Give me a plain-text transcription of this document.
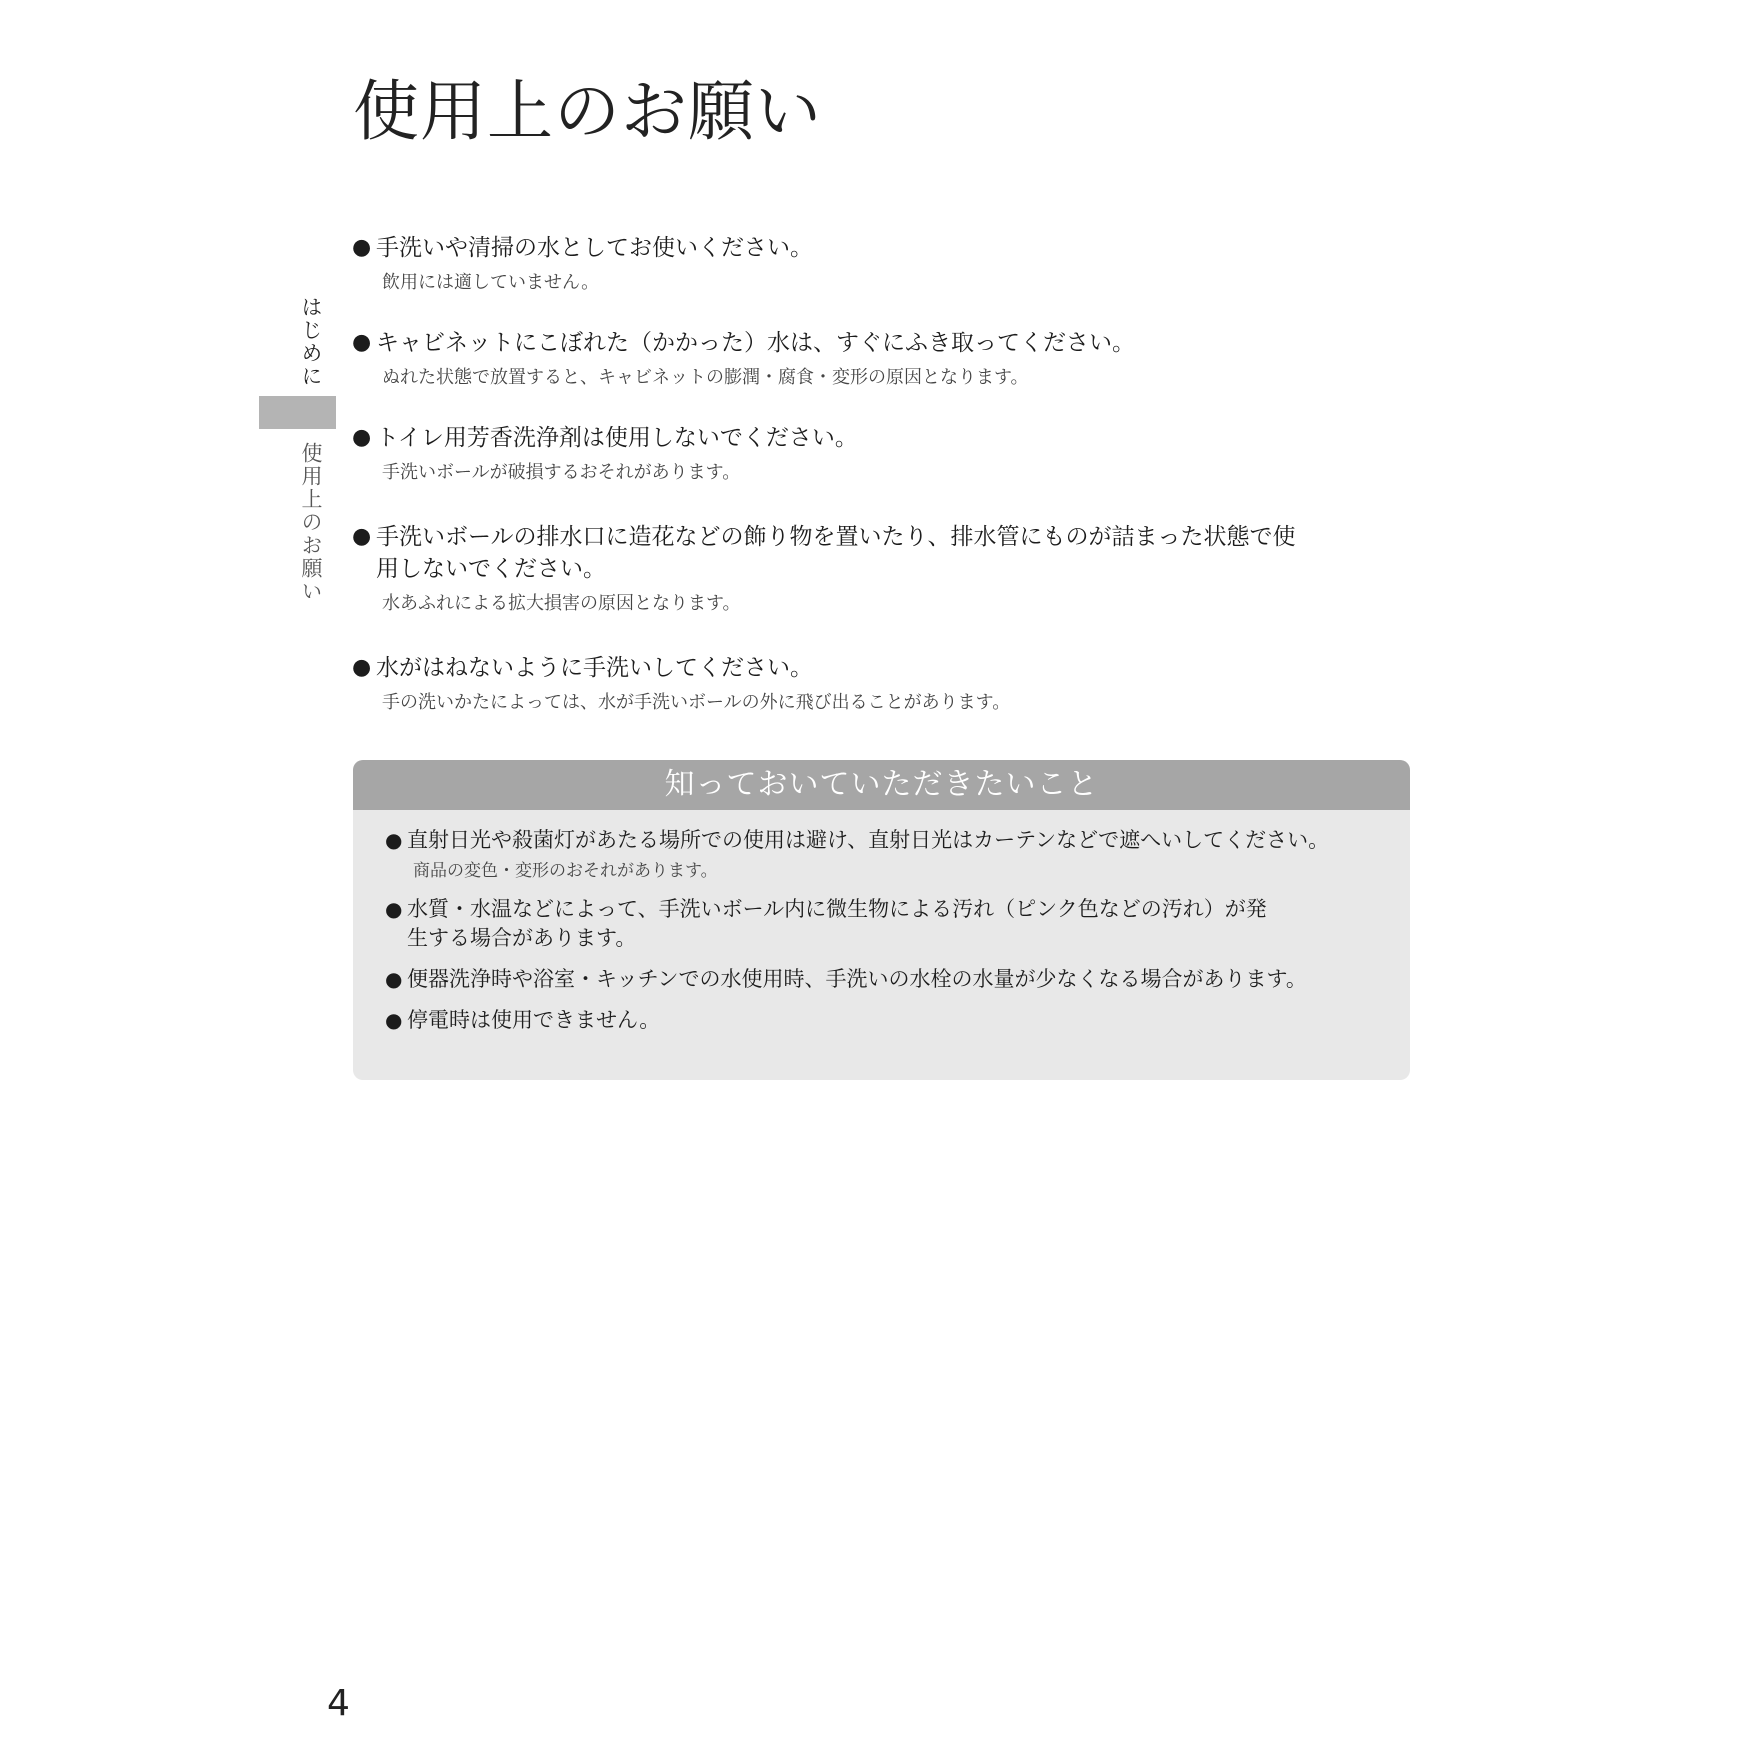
使用上のお願い
はじめに
使用上のお願い
● 手洗いや清掃の水としてお使いください。
飲用には適していません。
● キャビネットにこぼれた（かかった）水は、すぐにふき取ってください。
ぬれた状態で放置すると、キャビネットの膨潤・腐食・変形の原因となります。
● トイレ用芳香洗浄剤は使用しないでください。
手洗いボールが破損するおそれがあります。
● 手洗いボールの排水口に造花などの飾り物を置いたり、排水管にものが詰まった状態で使用しないでください。
水あふれによる拡大損害の原因となります。
● 水がはねないように手洗いしてください。
手の洗いかたによっては、水が手洗いボールの外に飛び出ることがあります。
知っておいていただきたいこと
● 直射日光や殺菌灯があたる場所での使用は避け、直射日光はカーテンなどで遮へいしてください。
商品の変色・変形のおそれがあります。
● 水質・水温などによって、手洗いボール内に微生物による汚れ（ピンク色などの汚れ）が発生する場合があります。
● 便器洗浄時や浴室・キッチンでの水使用時、手洗いの水栓の水量が少なくなる場合があります。
● 停電時は使用できません。
4
